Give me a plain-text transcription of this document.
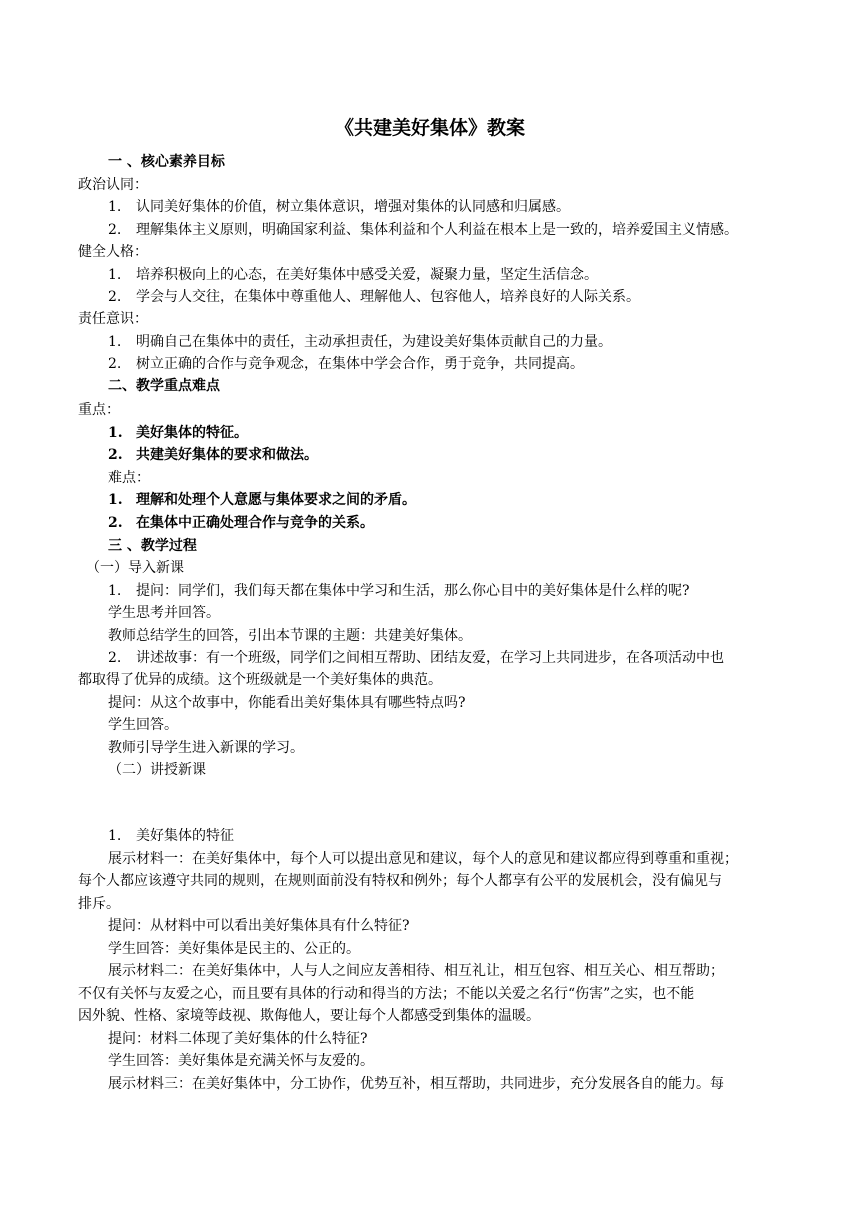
《共建美好集体》教案
一 、核心素养目标
政治认同：
1. 认同美好集体的价值，树立集体意识，增强对集体的认同感和归属感。
2. 理解集体主义原则，明确国家利益、集体利益和个人利益在根本上是一致的，培养爱国主义情感。
健全人格：
1. 培养积极向上的心态，在美好集体中感受关爱，凝聚力量，坚定生活信念。
2. 学会与人交往，在集体中尊重他人、理解他人、包容他人，培养良好的人际关系。
责任意识：
1. 明确自己在集体中的责任，主动承担责任，为建设美好集体贡献自己的力量。
2. 树立正确的合作与竞争观念，在集体中学会合作，勇于竞争，共同提高。
二、教学重点难点
重点：
1. 美好集体的特征。
2. 共建美好集体的要求和做法。
难点：
1. 理解和处理个人意愿与集体要求之间的矛盾。
2. 在集体中正确处理合作与竞争的关系。
三 、教学过程
（一）导入新课
1. 提问：同学们，我们每天都在集体中学习和生活，那么你心目中的美好集体是什么样的呢?
学生思考并回答。
教师总结学生的回答，引出本节课的主题：共建美好集体。
2. 讲述故事：有一个班级，同学们之间相互帮助、团结友爱，在学习上共同进步，在各项活动中也
都取得了优异的成绩。这个班级就是一个美好集体的典范。
提问：从这个故事中，你能看出美好集体具有哪些特点吗?
学生回答。
教师引导学生进入新课的学习。
（二）讲授新课
1. 美好集体的特征
展示材料一：在美好集体中，每个人可以提出意见和建议，每个人的意见和建议都应得到尊重和重视；
每个人都应该遵守共同的规则，在规则面前没有特权和例外；每个人都享有公平的发展机会，没有偏见与
排斥。
提问：从材料中可以看出美好集体具有什么特征?
学生回答：美好集体是民主的、公正的。
展示材料二：在美好集体中，人与人之间应友善相待、相互礼让，相互包容、相互关心、相互帮助；
不仅有关怀与友爱之心，而且要有具体的行动和得当的方法；不能以关爱之名行“伤害”之实，也不能
因外貌、性格、家境等歧视、欺侮他人，要让每个人都感受到集体的温暖。
提问：材料二体现了美好集体的什么特征?
学生回答：美好集体是充满关怀与友爱的。
展示材料三：在美好集体中，分工协作，优势互补，相互帮助，共同进步，充分发展各自的能力。每
